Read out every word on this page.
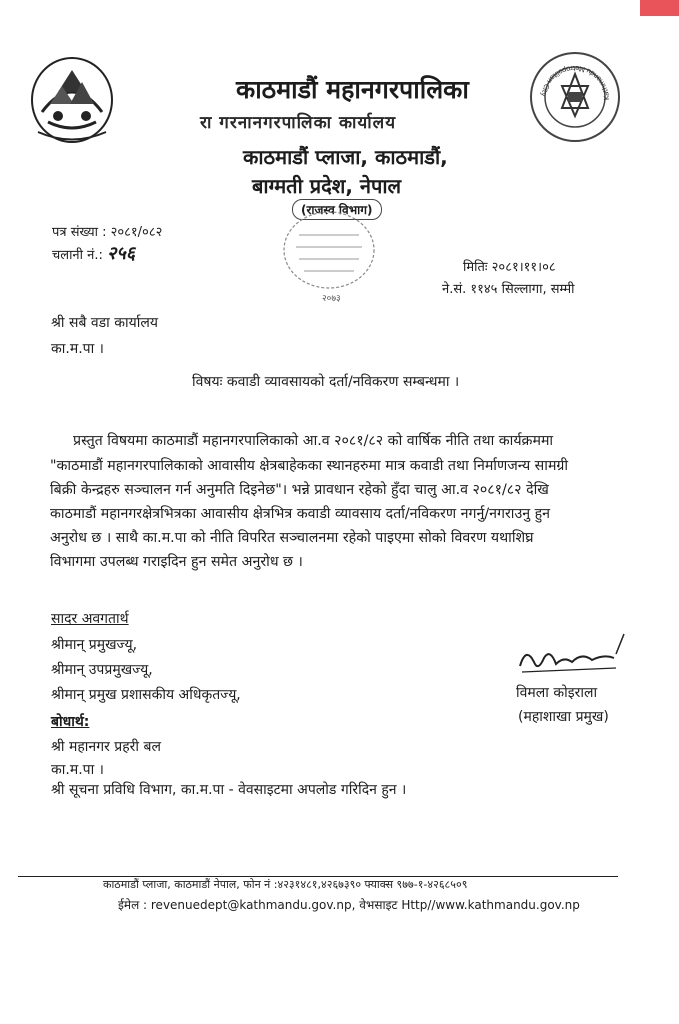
काठमाडौं महानगरपालिका
रा गरनानगरपालिका कार्यालय
काठमाडौं प्लाजा, काठमाडौं,
बाग्मती प्रदेश, नेपाल
(राजस्व विभाग)
Kathmandu Metropolitan City
२०७३
पत्र संख्या : २०८१/०८२
चलानी नं.: २५६
मितिः २०८१।११।०८
ने.सं. ११४५ सिल्लागा, सम्मी
श्री सबै वडा कार्यालय
का.म.पा ।
विषयः कवाडी व्यावसायको दर्ता/नविकरण सम्बन्धमा ।
प्रस्तुत विषयमा काठमाडौं महानगरपालिकाको आ.व २०८१/८२ को वार्षिक नीति तथा कार्यक्रममा
"काठमाडौं महानगरपालिकाको आवासीय क्षेत्रबाहेकका स्थानहरुमा मात्र कवाडी तथा निर्माणजन्य सामग्री
बिक्री केन्द्रहरु सञ्चालन गर्न अनुमति दिइनेछ"। भन्ने प्रावधान रहेको हुँदा चालु आ.व २०८१/८२ देखि
काठमाडौं महानगरक्षेत्रभित्रका आवासीय क्षेत्रभित्र कवाडी व्यावसाय दर्ता/नविकरण नगर्नु/नगराउनु हुन
अनुरोध छ । साथै का.म.पा को नीति विपरित सञ्चालनमा रहेको पाइएमा सोको विवरण यथाशिघ्र
विभागमा उपलब्ध गराइदिन हुन समेत अनुरोध छ ।
सादर अवगतार्थ
श्रीमान् प्रमुखज्यू,
श्रीमान् उपप्रमुखज्यू,
श्रीमान् प्रमुख प्रशासकीय अधिकृतज्यू,
बोधार्थ:
श्री महानगर प्रहरी बल
का.म.पा ।
श्री सूचना प्रविधि विभाग, का.म.पा - वेवसाइटमा अपलोड गरिदिन हुन ।
विमला कोइराला
(महाशाखा प्रमुख)
काठमाडौं प्लाजा, काठमाडौं नेपाल, फोन नं :४२३१४८१,४२६७३९० फ्याक्स ९७७-१-४२६८५०९
ईमेल : revenuedept@kathmandu.gov.np, वेभसाइट Http//www.kathmandu.gov.np
